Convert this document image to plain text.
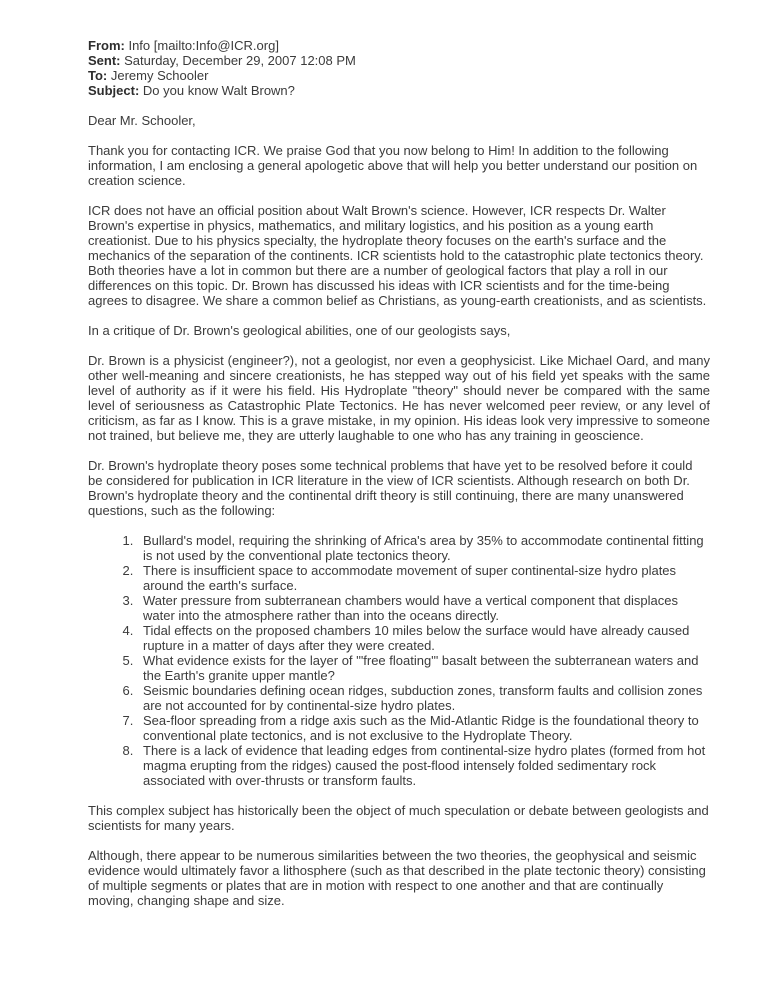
From: Info [mailto:Info@ICR.org]

Sent: Saturday, December 29, 2007 12:08 PM

To: Jeremy Schooler

Subject: Do you know Walt Brown?

Dear Mr. Schooler,

Thank you for contacting ICR. We praise God that you now belong to Him! In addition to the following information, I am enclosing a general apologetic above that will help you better understand our position on creation science.

ICR does not have an official position about Walt Brown's science. However, ICR respects Dr. Walter Brown's expertise in physics, mathematics, and military logistics, and his position as a young earth creationist. Due to his physics specialty, the hydroplate theory focuses on the earth's surface and the mechanics of the separation of the continents. ICR scientists hold to the catastrophic plate tectonics theory. Both theories have a lot in common but there are a number of geological factors that play a roll in our differences on this topic. Dr. Brown has discussed his ideas with ICR scientists and for the time-being agrees to disagree. We share a common belief as Christians, as young-earth creationists, and as scientists.

In a critique of Dr. Brown's geological abilities, one of our geologists says,

Dr. Brown is a physicist (engineer?), not a geologist, nor even a geophysicist. Like Michael Oard, and many other well-meaning and sincere creationists, he has stepped way out of his field yet speaks with the same level of authority as if it were his field. His Hydroplate "theory" should never be compared with the same level of seriousness as Catastrophic Plate Tectonics. He has never welcomed peer review, or any level of criticism, as far as I know. This is a grave mistake, in my opinion. His ideas look very impressive to someone not trained, but believe me, they are utterly laughable to one who has any training in geoscience.

Dr. Brown's hydroplate theory poses some technical problems that have yet to be resolved before it could be considered for publication in ICR literature in the view of ICR scientists. Although research on both Dr. Brown's hydroplate theory and the continental drift theory is still continuing, there are many unanswered questions, such as the following:

1. Bullard's model, requiring the shrinking of Africa's area by 35% to accommodate continental fitting is not used by the conventional plate tectonics theory.
2. There is insufficient space to accommodate movement of super continental-size hydro plates around the earth's surface.
3. Water pressure from subterranean chambers would have a vertical component that displaces water into the atmosphere rather than into the oceans directly.
4. Tidal effects on the proposed chambers 10 miles below the surface would have already caused rupture in a matter of days after they were created.
5. What evidence exists for the layer of '"free floating'" basalt between the subterranean waters and the Earth's granite upper mantle?
6. Seismic boundaries defining ocean ridges, subduction zones, transform faults and collision zones are not accounted for by continental-size hydro plates.
7. Sea-floor spreading from a ridge axis such as the Mid-Atlantic Ridge is the foundational theory to conventional plate tectonics, and is not exclusive to the Hydroplate Theory.
8. There is a lack of evidence that leading edges from continental-size hydro plates (formed from hot magma erupting from the ridges) caused the post-flood intensely folded sedimentary rock associated with over-thrusts or transform faults.

This complex subject has historically been the object of much speculation or debate between geologists and scientists for many years.

Although, there appear to be numerous similarities between the two theories, the geophysical and seismic evidence would ultimately favor a lithosphere (such as that described in the plate tectonic theory) consisting of multiple segments or plates that are in motion with respect to one another and that are continually moving, changing shape and size.
